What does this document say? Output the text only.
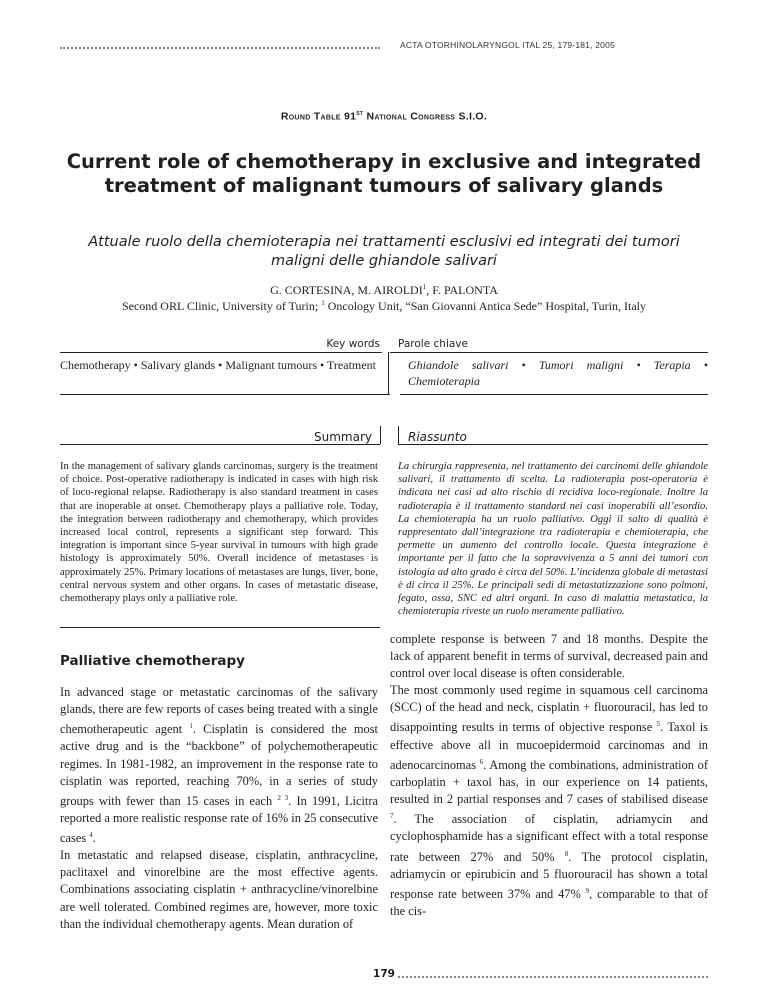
ACTA OTORHINOLARYNGOL ITAL 25, 179-181, 2005
Round Table 91st National Congress S.I.O.
Current role of chemotherapy in exclusive and integrated treatment of malignant tumours of salivary glands
Attuale ruolo della chemioterapia nei trattamenti esclusivi ed integrati dei tumori maligni delle ghiandole salivari
G. CORTESINA, M. AIROLDI$^1$, F. PALONTA
Second ORL Clinic, University of Turin; $^1$ Oncology Unit, “San Giovanni Antica Sede” Hospital, Turin, Italy
Key words Parole chiave
Chemotherapy • Salivary glands • Malignant tumours • Treatment	Ghiandole salivari • Tumori maligni • Terapia • Chemioterapia
Summary	Riassunto
In the management of salivary glands carcinomas, surgery is the treatment of choice. Post-operative radiotherapy is indicated in cases with high risk of loco-regional relapse. Radiotherapy is also standard treatment in cases that are inoperable at onset. Chemotherapy plays a palliative role. Today, the integration between radiotherapy and chemotherapy, which provides increased local control, represents a significant step forward. This integration is important since 5-year survival in tumours with high grade histology is approximately 50%. Overall incidence of metastases is approximately 25%. Primary locations of metastases are lungs, liver, bone, central nervous system and other organs. In cases of metastatic disease, chemotherapy plays only a palliative role.
La chirurgia rappresenta, nel trattamento dei carcinomi delle ghiandole salivari, il trattamento di scelta. La radioterapia post-operatoria è indicata nei casi ad alto rischio di recidiva loco-regionale. Inoltre la radioterapia è il trattamento standard nei casi inoperabili all’esordio. La chemioterapia ha un ruolo palliativo. Oggi il salto di qualità è rappresentato dall’integrazione tra radioterapia e chemioterapia, che permette un aumento del controllo locale. Questa integrazione è importante per il fatto che la sopravvivenza a 5 anni dei tumori con istologia ad alto grado è circa del 50%. L’incidenza globale di metastasi è di circa il 25%. Le principali sedi di metastatizzazione sono polmoni, fegato, ossa, SNC ed altri organi. In caso di malattia metastatica, la chemioterapia riveste un ruolo meramente palliativo.
Palliative chemotherapy

In advanced stage or metastatic carcinomas of the salivary glands, there are few reports of cases being treated with a single chemotherapeutic agent $^1$. Cisplatin is considered the most active drug and is the “backbone” of polychemotherapeutic regimes. In 1981-1982, an improvement in the response rate to cisplatin was reported, reaching 70%, in a series of study groups with fewer than 15 cases in each $^{2 3}$. In 1991, Licitra reported a more realistic response rate of 16% in 25 consecutive cases $^4$.

In metastatic and relapsed disease, cisplatin, anthracycline, paclitaxel and vinorelbine are the most effective agents. Combinations associating cisplatin + anthracycline/vinorelbine are well tolerated. Combined regimes are, however, more toxic than the individual chemotherapy agents. Mean duration of

complete response is between 7 and 18 months. Despite the lack of apparent benefit in terms of survival, decreased pain and control over local disease is often considerable.

The most commonly used regime in squamous cell carcinoma (SCC) of the head and neck, cisplatin + fluorouracil, has led to disappointing results in terms of objective response $^5$. Taxol is effective above all in mucoepidermoid carcinomas and in adenocarcinomas $^6$. Among the combinations, administration of carboplatin + taxol has, in our experience on 14 patients, resulted in 2 partial responses and 7 cases of stabilised disease $^7$. The association of cisplatin, adriamycin and cyclophosphamide has a significant effect with a total response rate between 27% and 50% $^8$. The protocol cisplatin, adriamycin or epirubicin and 5 fluorouracil has shown a total response rate between 37% and 47% $^9$, comparable to that of the cis-

179
